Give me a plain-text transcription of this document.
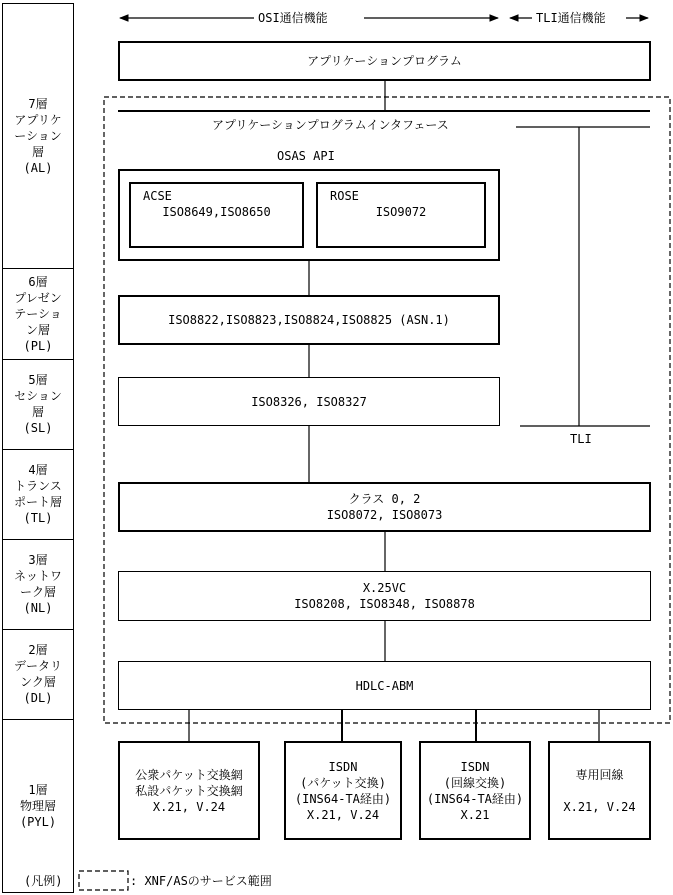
OSI通信機能	TLI通信機能
7層
アプリケ
ーション
層
(AL)
6層
プレゼン
テーショ
ン層
(PL)
5層
セション
層
(SL)
4層
トランス
ポート層
(TL)
3層
ネットワ
ーク層
(NL)
2層
データリ
ンク層
(DL)
1層
物理層
(PYL)
アプリケーションプログラム
アプリケーションプログラムインタフェース
OSAS API
ACSE
ISO8649,ISO8650
ROSE
ISO9072
ISO8822,ISO8823,ISO8824,ISO8825 (ASN.1)
ISO8326, ISO8327
TLI
クラス 0, 2
ISO8072, ISO8073
X.25VC
ISO8208, ISO8348, ISO8878
HDLC-ABM
公衆パケット交換網
私設パケット交換網
X.21, V.24
ISDN
(パケット交換)
(INS64-TA経由)
X.21, V.24
ISDN
(回線交換)
(INS64-TA経由)
X.21
専用回線
X.21, V.24
(凡例)	: XNF/ASのサービス範囲
